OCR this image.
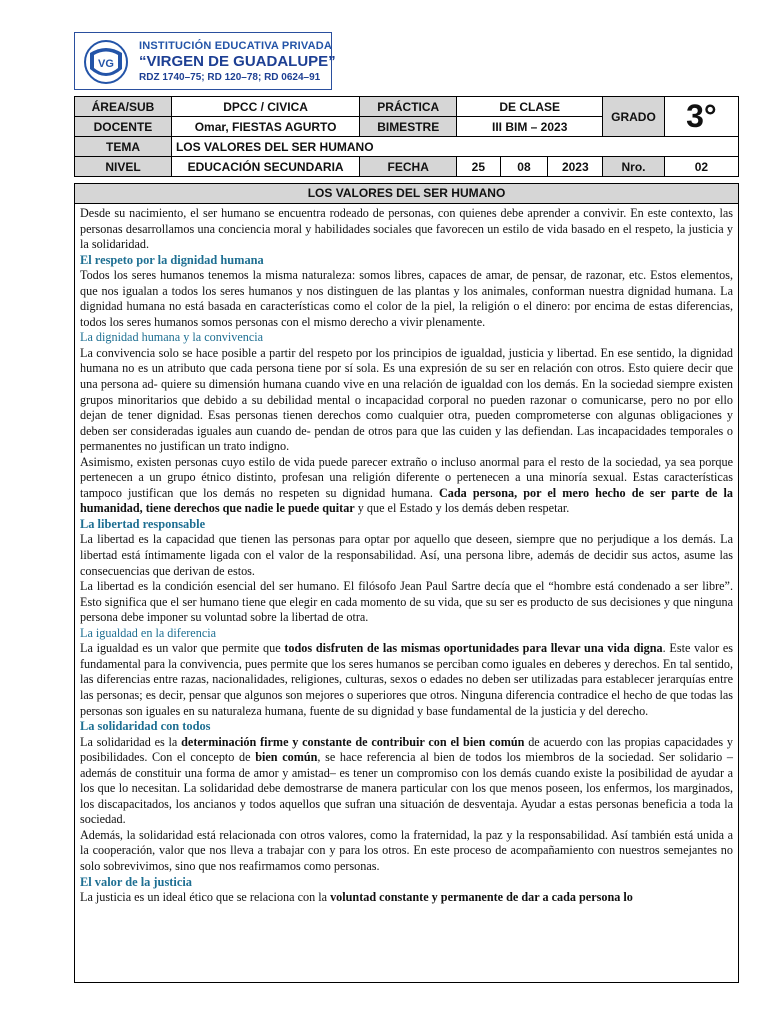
VG
INSTITUCIÓN EDUCATIVA PRIVADA
“VIRGEN DE GUADALUPE”
RDZ 1740–75; RD 120–78; RD 0624–91
ÁREA/SUB	DPCC / CIVICA	PRÁCTICA	DE CLASE			GRADO	3°
DOCENTE	Omar, FIESTAS AGURTO	BIMESTRE	III BIM – 2023				
TEMA	LOS VALORES DEL SER HUMANO						
NIVEL	EDUCACIÓN SECUNDARIA	FECHA	25	08	2023	Nro.	02
LOS VALORES DEL SER HUMANO

Desde su nacimiento, el ser humano se encuentra rodeado de personas, con quienes debe aprender a convivir. En este contexto, las personas desarrollamos una conciencia moral y habilidades sociales que favorecen un estilo de vida basado en el respeto, la justicia y la solidaridad.

El respeto por la dignidad humana

Todos los seres humanos tenemos la misma naturaleza: somos libres, capaces de amar, de pensar, de razonar, etc. Estos elementos, que nos igualan a todos los seres humanos y nos distinguen de las plantas y los animales, conforman nuestra dignidad humana. La dignidad humana no está basada en características como el color de la piel, la religión o el dinero: por encima de estas diferencias, todos los seres humanos somos personas con el mismo derecho a vivir plenamente.

La dignidad humana y la convivencia

La convivencia solo se hace posible a partir del respeto por los principios de igualdad, justicia y libertad. En ese sentido, la dignidad humana no es un atributo que cada persona tiene por sí sola. Es una expresión de su ser en relación con otros. Esto quiere decir que una persona ad- quiere su dimensión humana cuando vive en una relación de igualdad con los demás. En la sociedad siempre existen grupos minoritarios que debido a su debilidad mental o incapacidad corporal no pueden razonar o comunicarse, pero no por ello dejan de tener dignidad. Esas personas tienen derechos como cualquier otra, pueden comprometerse con algunas obligaciones y deben ser consideradas iguales aun cuando de- pendan de otros para que las cuiden y las defiendan. Las incapacidades temporales o permanentes no justifican un trato indigno.

Asimismo, existen personas cuyo estilo de vida puede parecer extraño o incluso anormal para el resto de la sociedad, ya sea porque pertenecen a un grupo étnico distinto, profesan una religión diferente o pertenecen a una minoría sexual. Estas características tampoco justifican que los demás no respeten su dignidad humana. Cada persona, por el mero hecho de ser parte de la humanidad, tiene derechos que nadie le puede quitar y que el Estado y los demás deben respetar.

La libertad responsable

La libertad es la capacidad que tienen las personas para optar por aquello que deseen, siempre que no perjudique a los demás. La libertad está íntimamente ligada con el valor de la responsabilidad. Así, una persona libre, además de decidir sus actos, asume las consecuencias que derivan de estos.

La libertad es la condición esencial del ser humano. El filósofo Jean Paul Sartre decía que el “hombre está condenado a ser libre”. Esto significa que el ser humano tiene que elegir en cada momento de su vida, que su ser es producto de sus decisiones y que ninguna persona debe imponer su voluntad sobre la libertad de otra.

La igualdad en la diferencia

La igualdad es un valor que permite que todos disfruten de las mismas oportunidades para llevar una vida digna. Este valor es fundamental para la convivencia, pues permite que los seres humanos se perciban como iguales en deberes y derechos. En tal sentido, las diferencias entre razas, nacionalidades, religiones, culturas, sexos o edades no deben ser utilizadas para establecer jerarquías entre las personas; es decir, pensar que algunos son mejores o superiores que otros. Ninguna diferencia contradice el hecho de que todas las personas son iguales en su naturaleza humana, fuente de su dignidad y base fundamental de la justicia y del derecho.

La solidaridad con todos

La solidaridad es la determinación firme y constante de contribuir con el bien común de acuerdo con las propias capacidades y posibilidades. Con el concepto de bien común, se hace referencia al bien de todos los miembros de la sociedad. Ser solidario –además de constituir una forma de amor y amistad– es tener un compromiso con los demás cuando existe la posibilidad de ayudar a los que lo necesitan. La solidaridad debe demostrarse de manera particular con los que menos poseen, los enfermos, los marginados, los discapacitados, los ancianos y todos aquellos que sufran una situación de desventaja. Ayudar a estas personas beneficia a toda la sociedad.

Además, la solidaridad está relacionada con otros valores, como la fraternidad, la paz y la responsabilidad. Así también está unida a la cooperación, valor que nos lleva a trabajar con y para los otros. En este proceso de acompañamiento con nuestros semejantes no solo sobrevivimos, sino que nos reafirmamos como personas.

El valor de la justicia

La justicia es un ideal ético que se relaciona con la voluntad constante y permanente de dar a cada persona lo
